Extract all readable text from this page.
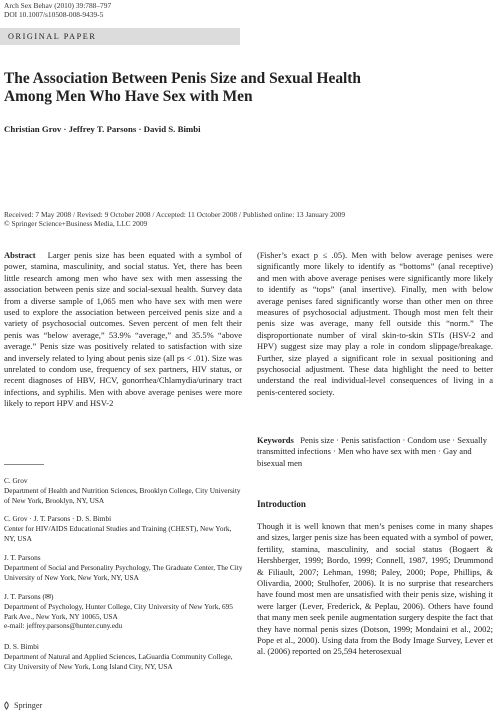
Arch Sex Behav (2010) 39:788–797
DOI 10.1007/s10508-008-9439-5
ORIGINAL PAPER
The Association Between Penis Size and Sexual Health Among Men Who Have Sex with Men
Christian Grov · Jeffrey T. Parsons · David S. Bimbi
Received: 7 May 2008 / Revised: 9 October 2008 / Accepted: 11 October 2008 / Published online: 13 January 2009
© Springer Science+Business Media, LLC 2009
Abstract Larger penis size has been equated with a symbol of power, stamina, masculinity, and social status. Yet, there has been little research among men who have sex with men assessing the association between penis size and social-sexual health. Survey data from a diverse sample of 1,065 men who have sex with men were used to explore the association between perceived penis size and a variety of psychosocial outcomes. Seven percent of men felt their penis was “below average,” 53.9% “average,” and 35.5% “above average.” Penis size was positively related to satisfaction with size and inversely related to lying about penis size (all ps < .01). Size was unrelated to condom use, frequency of sex partners, HIV status, or recent diagnoses of HBV, HCV, gonorrhea/Chlamydia/urinary tract infections, and syphilis. Men with above average penises were more likely to report HPV and HSV-2
(Fisher’s exact p ≤ .05). Men with below average penises were significantly more likely to identify as “bottoms” (anal receptive) and men with above average penises were significantly more likely to identify as “tops” (anal insertive). Finally, men with below average penises fared significantly worse than other men on three measures of psychosocial adjustment. Though most men felt their penis size was average, many fell outside this “norm.” The disproportionate number of viral skin-to-skin STIs (HSV-2 and HPV) suggest size may play a role in condom slippage/breakage. Further, size played a significant role in sexual positioning and psychosocial adjustment. These data highlight the need to better understand the real individual-level consequences of living in a penis-centered society.
Keywords Penis size · Penis satisfaction · Condom use · Sexually transmitted infections · Men who have sex with men · Gay and bisexual men
C. Grov
Department of Health and Nutrition Sciences, Brooklyn College, City University of New York, Brooklyn, NY, USA
C. Grov · J. T. Parsons · D. S. Bimbi
Center for HIV/AIDS Educational Studies and Training (CHEST), New York, NY, USA
J. T. Parsons
Department of Social and Personality Psychology, The Graduate Center, The City University of New York, New York, NY, USA
J. T. Parsons (✉)
Department of Psychology, Hunter College, City University of New York, 695 Park Ave., New York, NY 10065, USA
e-mail: jeffrey.parsons@hunter.cuny.edu
D. S. Bimbi
Department of Natural and Applied Sciences, LaGuardia Community College, City University of New York, Long Island City, NY, USA
Introduction
Though it is well known that men’s penises come in many shapes and sizes, larger penis size has been equated with a symbol of power, fertility, stamina, masculinity, and social status (Bogaert & Hershberger, 1999; Bordo, 1999; Connell, 1987, 1995; Drummond & Filiault, 2007; Lehman, 1998; Paley, 2000; Pope, Phillips, & Olivardia, 2000; Stulhofer, 2006). It is no surprise that researchers have found most men are unsatisfied with their penis size, wishing it were larger (Lever, Frederick, & Peplau, 2006). Others have found that many men seek penile augmentation surgery despite the fact that they have normal penis sizes (Dotson, 1999; Mondaini et al., 2002; Pope et al., 2000). Using data from the Body Image Survey, Lever et al. (2006) reported on 25,594 heterosexual
Springer
